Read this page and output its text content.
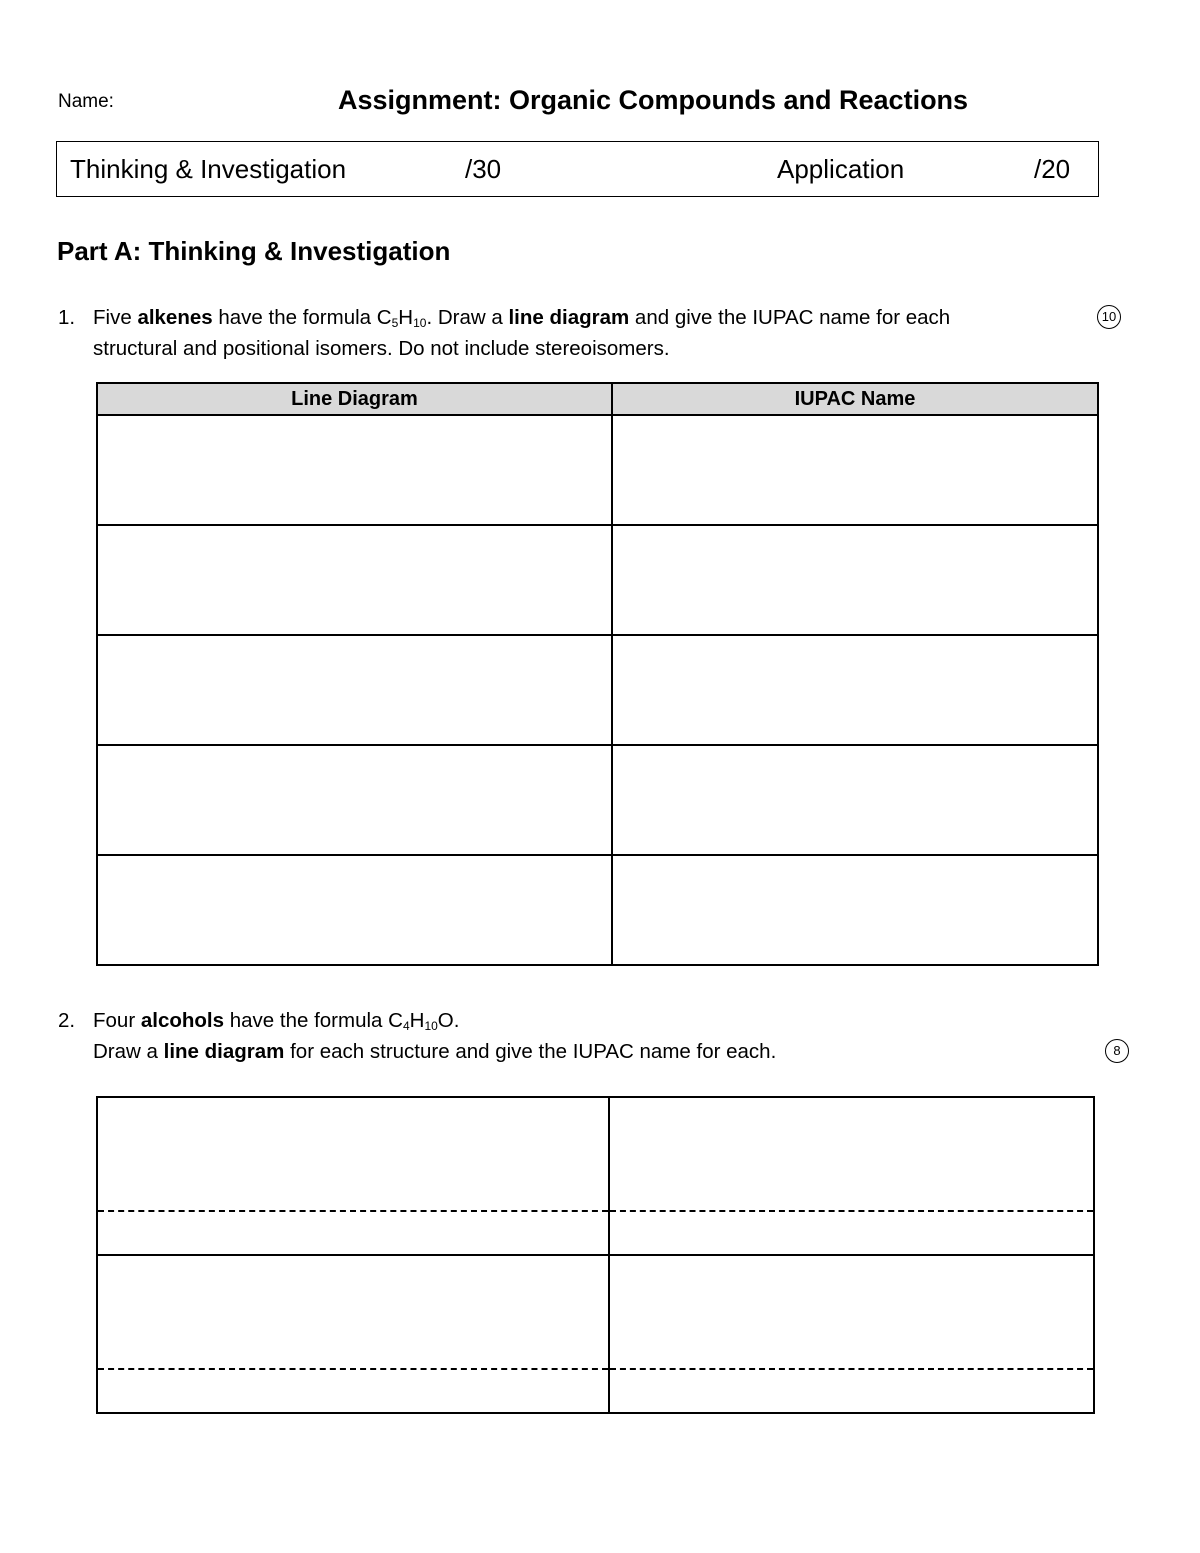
Name:	Assignment: Organic Compounds and Reactions
Thinking & Investigation	/30	Application	/20
Part A: Thinking & Investigation
1. Five alkenes have the formula $C_5H_{10}$. Draw a line diagram and give the IUPAC name for each
structural and positional isomers. Do not include stereoisomers.
10
Line Diagram	IUPAC Name

2. Four alcohols have the formula $C_4H_{10}O$.
Draw a line diagram for each structure and give the IUPAC name for each.	8
